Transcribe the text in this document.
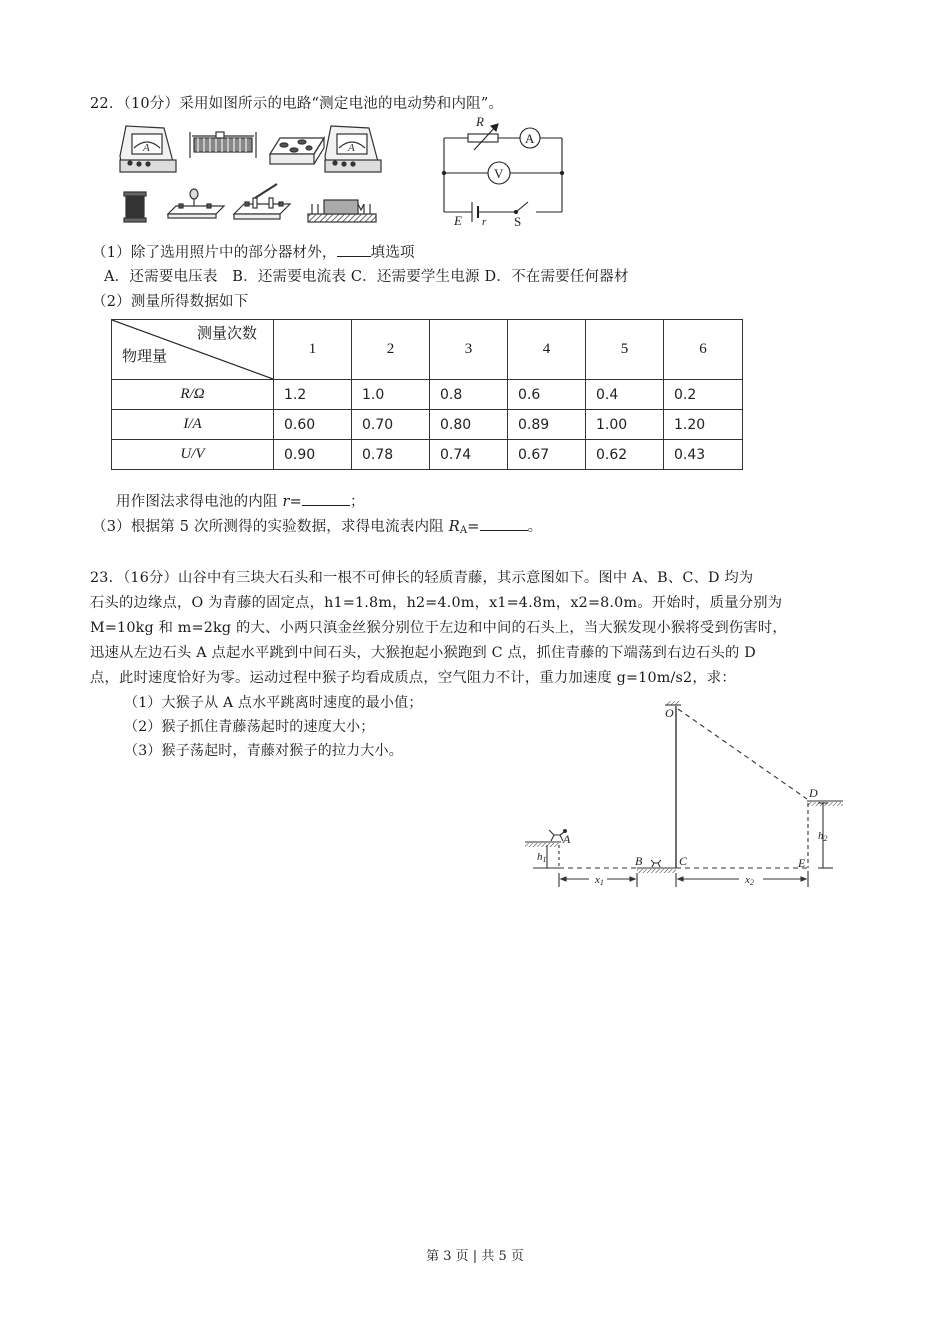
22．（10分）采用如图所示的电路“测定电池的电动势和内阻”。
A	A
R
A
V
E r S
（1）除了选用照片中的部分器材外， 填选项
A．还需要电压表　B．还需要电流表 C．还需要学生电源 D．不在需要任何器材
（2）测量所得数据如下
测量次数
物理量	1	2	3	4	5	6
R/Ω	1.2	1.0	0.8	0.6	0.4	0.2
I/A	0.60	0.70	0.80	0.89	1.00	1.20
U/V	0.90	0.78	0.74	0.67	0.62	0.43
用作图法求得电池的内阻 r=	；
（3）根据第 5 次所测得的实验数据，求得电流表内阻 $R_A=$	。
23．（16分）山谷中有三块大石头和一根不可伸长的轻质青藤，其示意图如下。图中 A、B、C、D 均为
石头的边缘点，O 为青藤的固定点，h1=1.8m，h2=4.0m，x1=4.8m，x2=8.0m。开始时，质量分别为
M=10kg 和 m=2kg 的大、小两只滇金丝猴分别位于左边和中间的石头上，当大猴发现小猴将受到伤害时，
迅速从左边石头 A 点起水平跳到中间石头，大猴抱起小猴跑到 C 点，抓住青藤的下端荡到右边石头的 D
点，此时速度恰好为零。运动过程中猴子均看成质点，空气阻力不计，重力加速度 g=10m/s2，求：
（1）大猴子从 A 点水平跳离时速度的最小值；
（2）猴子抓住青藤荡起时的速度大小；
（3）猴子荡起时，青藤对猴子的拉力大小。
O
A
B	C
D
E
h1
h2
x1	x2
第 3 页 | 共 5 页
